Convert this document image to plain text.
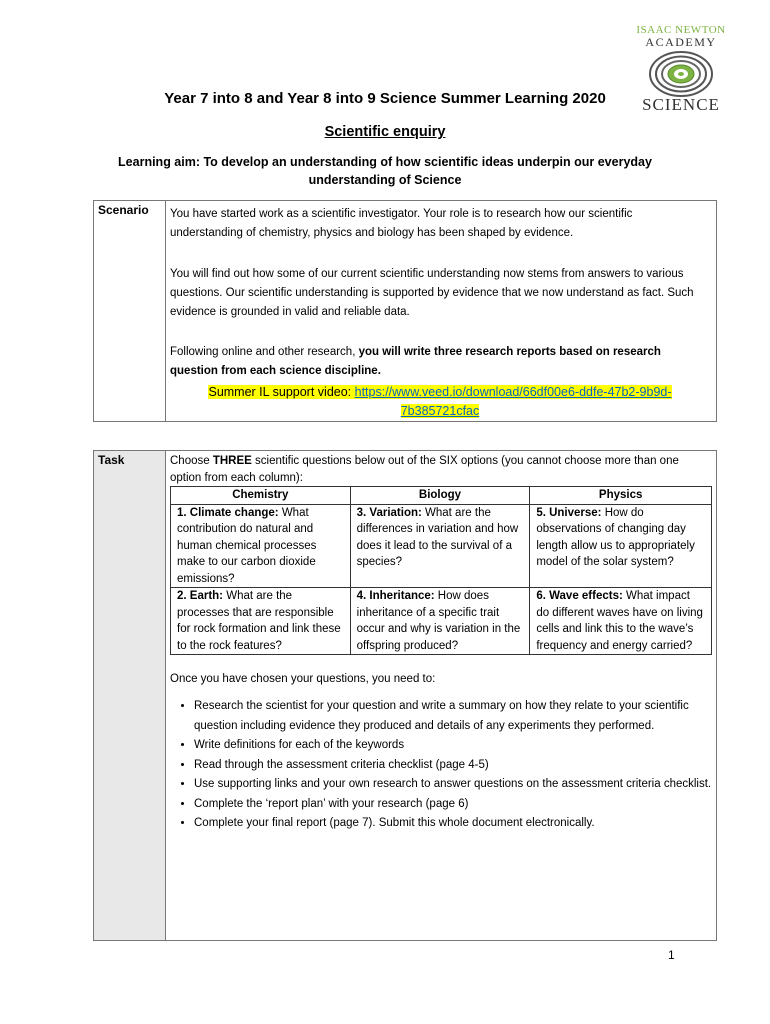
ISAAC NEWTON
ACADEMY
SCIENCE
Year 7 into 8 and Year 8 into 9 Science Summer Learning 2020
Scientific enquiry
Learning aim: To develop an understanding of how scientific ideas underpin our everyday understanding of Science
Scenario You have started work as a scientific investigator. Your role is to research how our scientific understanding of chemistry, physics and biology has been shaped by evidence.
You will find out how some of our current scientific understanding now stems from answers to various questions. Our scientific understanding is supported by evidence that we now understand as fact. Such evidence is grounded in valid and reliable data.
Following online and other research, you will write three research reports based on research question from each science discipline.
Summer IL support video: https://www.veed.io/download/66df00e6-ddfe-47b2-9b9d-7b385721cfac
Task	Choose THREE scientific questions below out of the SIX options (you cannot choose more than one option from each column):
Chemistry	Biology	Physics
1. Climate change: What contribution do natural and human chemical processes make to our carbon dioxide emissions?	3. Variation: What are the differences in variation and how does it lead to the survival of a species?	5. Universe: How do observations of changing day length allow us to appropriately model of the solar system?
2. Earth: What are the processes that are responsible for rock formation and link these to the rock features?	4. Inheritance: How does inheritance of a specific trait occur and why is variation in the offspring produced?	6. Wave effects: What impact do different waves have on living cells and link this to the wave’s frequency and energy carried?
Once you have chosen your questions, you need to:
• Research the scientist for your question and write a summary on how they relate to your scientific question including evidence they produced and details of any experiments they performed.
• Write definitions for each of the keywords
• Read through the assessment criteria checklist (page 4-5)
• Use supporting links and your own research to answer questions on the assessment criteria checklist.
• Complete the ‘report plan’ with your research (page 6)
• Complete your final report (page 7). Submit this whole document electronically.
1
